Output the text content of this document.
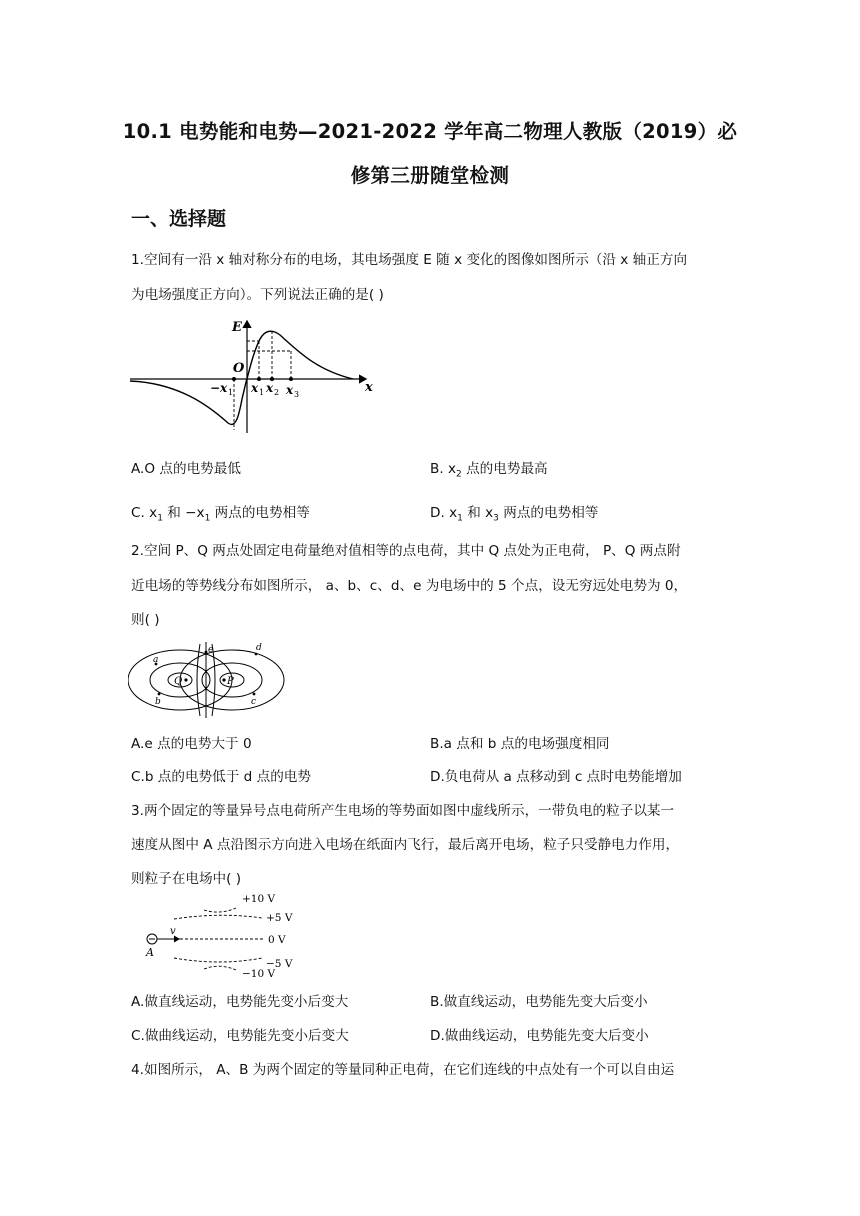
10.1 电势能和电势—2021-2022 学年高二物理人教版（2019）必
修第三册随堂检测
一、选择题
1.空间有一沿 x 轴对称分布的电场，其电场强度 E 随 x 变化的图像如图所示（沿 x 轴正方向
为电场强度正方向）。下列说法正确的是( )
E
O
x
−x 1 x 1 x 2 x 3
A.O 点的电势最低	B. $x_2$ 点的电势最高
C. $x_1$ 和 $-x_1$ 两点的电势相等	D. $x_1$ 和 $x_3$ 两点的电势相等
2.空间 P、Q 两点处固定电荷量绝对值相等的点电荷，其中 Q 点处为正电荷， P、Q 两点附
近电场的等势线分布如图所示， a、b、c、d、e 为电场中的 5 个点，设无穷远处电势为 0，
则( )
Q	P
a
b	c
d
e
A.e 点的电势大于 0	B.a 点和 b 点的电场强度相同
C.b 点的电势低于 d 点的电势	D.负电荷从 a 点移动到 c 点时电势能增加
3.两个固定的等量异号点电荷所产生电场的等势面如图中虚线所示，一带负电的粒子以某一
速度从图中 A 点沿图示方向进入电场在纸面内飞行，最后离开电场，粒子只受静电力作用，
则粒子在电场中( )
v
A
+10 V
+5 V
0 V
−5 V
−10 V
A.做直线运动，电势能先变小后变大	B.做直线运动，电势能先变大后变小
C.做曲线运动，电势能先变小后变大	D.做曲线运动，电势能先变大后变小
4.如图所示， A、B 为两个固定的等量同种正电荷，在它们连线的中点处有一个可以自由运
